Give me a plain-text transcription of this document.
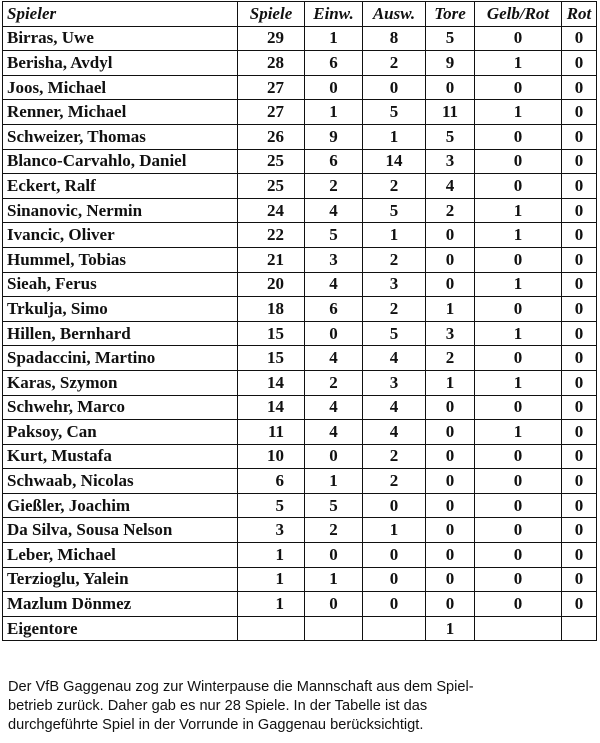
Spieler	Spiele	Einw.	Ausw.	Tore	Gelb/Rot	Rot
Birras, Uwe	29	1	8	5	0	0
Berisha, Avdyl	28	6	2	9	1	0
Joos, Michael	27	0	0	0	0	0
Renner, Michael	27	1	5	11	1	0
Schweizer, Thomas	26	9	1	5	0	0
Blanco-Carvahlo, Daniel	25	6	14	3	0	0
Eckert, Ralf	25	2	2	4	0	0
Sinanovic, Nermin	24	4	5	2	1	0
Ivancic, Oliver	22	5	1	0	1	0
Hummel, Tobias	21	3	2	0	0	0
Sieah, Ferus	20	4	3	0	1	0
Trkulja, Simo	18	6	2	1	0	0
Hillen, Bernhard	15	0	5	3	1	0
Spadaccini, Martino	15	4	4	2	0	0
Karas, Szymon	14	2	3	1	1	0
Schwehr, Marco	14	4	4	0	0	0
Paksoy, Can	11	4	4	0	1	0
Kurt, Mustafa	10	0	2	0	0	0
Schwaab, Nicolas	6	1	2	0	0	0
Gießler, Joachim	5	5	0	0	0	0
Da Silva, Sousa Nelson	3	2	1	0	0	0
Leber, Michael	1	0	0	0	0	0
Terzioglu, Yalein	1	1	0	0	0	0
Mazlum Dönmez	1	0	0	0	0	0
Eigentore				1		
Der VfB Gaggenau zog zur Winterpause die Mannschaft aus dem Spiel-
betrieb zurück. Daher gab es nur 28 Spiele. In der Tabelle ist das
durchgeführte Spiel in der Vorrunde in Gaggenau berücksichtigt.
